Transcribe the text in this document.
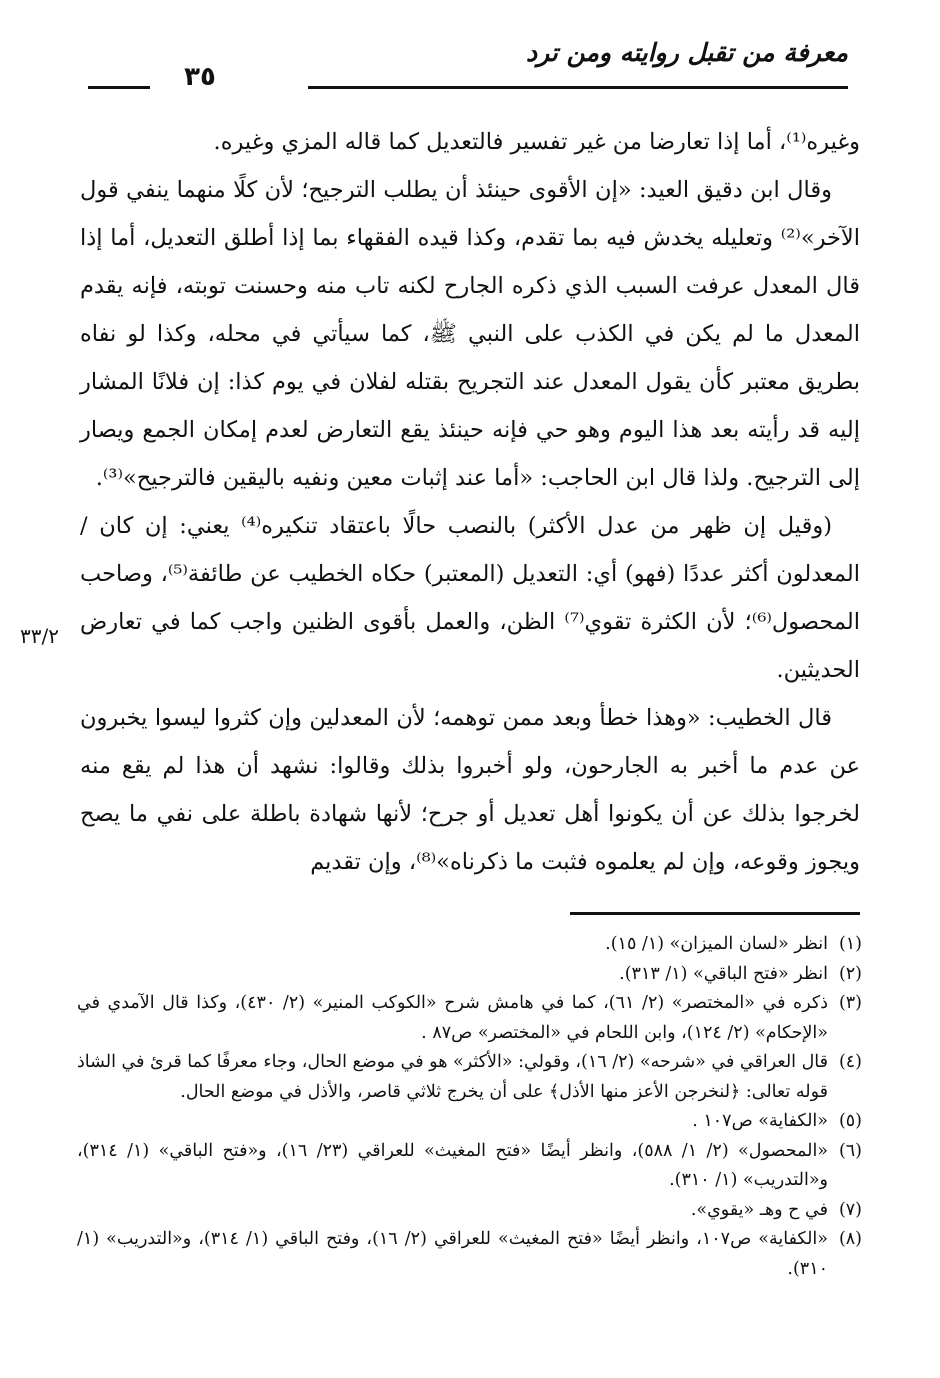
معرفة من تقبل روايته ومن ترد
٣٥
٣٣/٢

وغيره⁽¹⁾، أما إذا تعارضا من غير تفسير فالتعديل كما قاله المزي وغيره.

وقال ابن دقيق العيد: «إن الأقوى حينئذ أن يطلب الترجيح؛ لأن كلًا منهما ينفي قول الآخر»⁽²⁾ وتعليله يخدش فيه بما تقدم، وكذا قيده الفقهاء بما إذا أطلق التعديل، أما إذا قال المعدل عرفت السبب الذي ذكره الجارح لكنه تاب منه وحسنت توبته، فإنه يقدم المعدل ما لم يكن في الكذب على النبي ﷺ، كما سيأتي في محله، وكذا لو نفاه بطريق معتبر كأن يقول المعدل عند التجريح بقتله لفلان في يوم كذا: إن فلانًا المشار إليه قد رأيته بعد هذا اليوم وهو حي فإنه حينئذ يقع التعارض لعدم إمكان الجمع ويصار إلى الترجيح. ولذا قال ابن الحاجب: «أما عند إثبات معين ونفيه باليقين فالترجيح»⁽³⁾.

(وقيل إن ظهر من عدل الأكثر) بالنصب حالًا باعتقاد تنكيره⁽⁴⁾ يعني: إن كان / المعدلون أكثر عددًا (فهو) أي: التعديل (المعتبر) حكاه الخطيب عن طائفة⁽⁵⁾، وصاحب المحصول⁽⁶⁾؛ لأن الكثرة تقوي⁽⁷⁾ الظن، والعمل بأقوى الظنين واجب كما في تعارض الحديثين.

قال الخطيب: «وهذا خطأ وبعد ممن توهمه؛ لأن المعدلين وإن كثروا ليسوا يخبرون عن عدم ما أخبر به الجارحون، ولو أخبروا بذلك وقالوا: نشهد أن هذا لم يقع منه لخرجوا بذلك عن أن يكونوا أهل تعديل أو جرح؛ لأنها شهادة باطلة على نفي ما يصح ويجوز وقوعه، وإن لم يعلموه فثبت ما ذكرناه»⁽⁸⁾، وإن تقديم

(١)
انظر «لسان الميزان» (١/ ١٥).

(٢)
انظر «فتح الباقي» (١/ ٣١٣).

(٣)
ذكره في «المختصر» (٢/ ٦١)، كما في هامش شرح «الكوكب المنير» (٢/ ٤٣٠)، وكذا قال الآمدي في «الإحكام» (٢/ ١٢٤)، وابن اللحام في «المختصر» ص٨٧ .

(٤)
قال العراقي في «شرحه» (٢/ ١٦)، وقولي: «الأكثر» هو في موضع الحال، وجاء معرفًا كما قرئ في الشاذ قوله تعالى: ﴿لنخرجن الأعز منها الأذل﴾ على أن يخرج ثلاثي قاصر، والأذل في موضع الحال.

(٥)
«الكفاية» ص١٠٧ .

(٦)
«المحصول» (٢/ ١/ ٥٨٨)، وانظر أيضًا «فتح المغيث» للعراقي (٢٣/ ١٦)، و«فتح الباقي» (١/ ٣١٤)، و«التدريب» (١/ ٣١٠).

(٧)
في ح وهـ «يقوي».

(٨)
«الكفاية» ص١٠٧، وانظر أيضًا «فتح المغيث» للعراقي (٢/ ١٦)، وفتح الباقي (١/ ٣١٤)، و«التدريب» (١/ ٣١٠).
